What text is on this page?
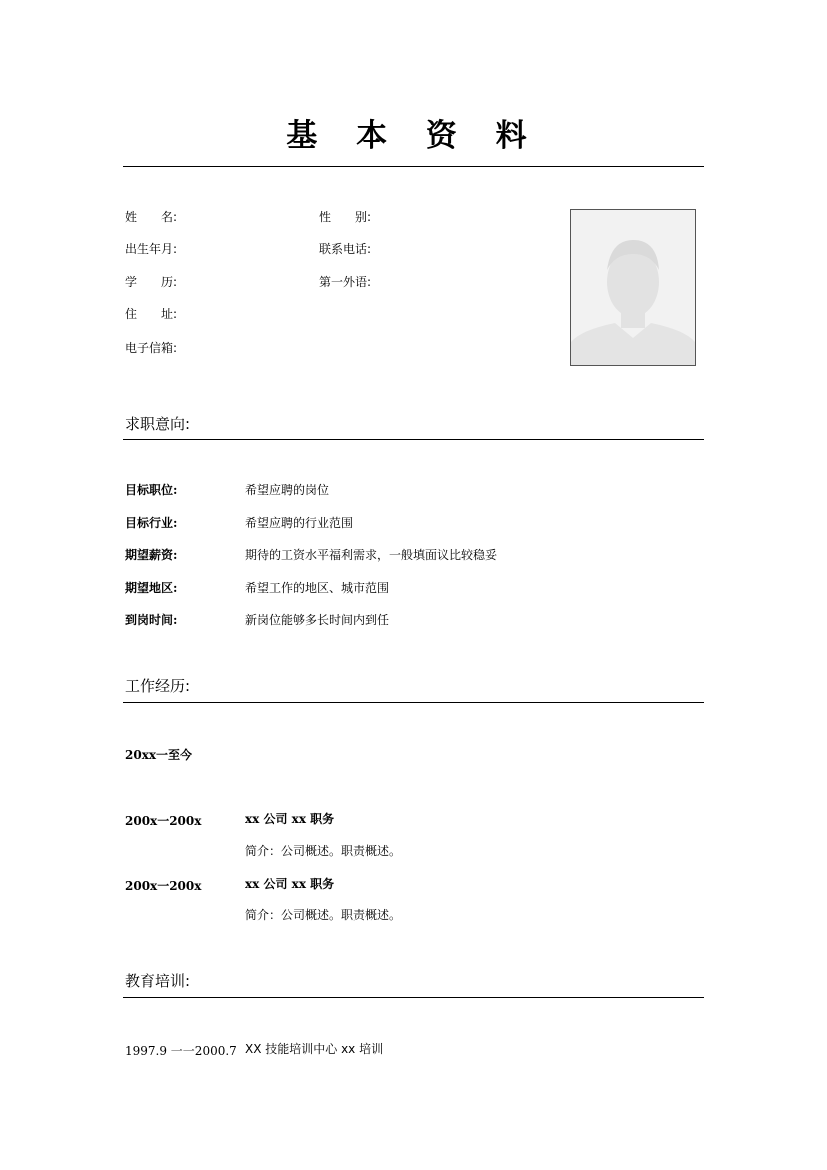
基 本 资 料
姓　　名:	性　　别:
出生年月:	联系电话:
学　　历:	第一外语:
住　　址:
电子信箱:
求职意向:
目标职位:	希望应聘的岗位
目标行业:	希望应聘的行业范围
期望薪资:	期待的工资水平福利需求，一般填面议比较稳妥
期望地区:	希望工作的地区、城市范围
到岗时间:	新岗位能够多长时间内到任
工作经历:
20xx一至今
200x一200x	xx 公司 xx 职务
简介：公司概述。职责概述。
200x一200x	xx 公司 xx 职务
简介：公司概述。职责概述。
教育培训:
1997.9 一一2000.7 XX 技能培训中心 xx 培训
